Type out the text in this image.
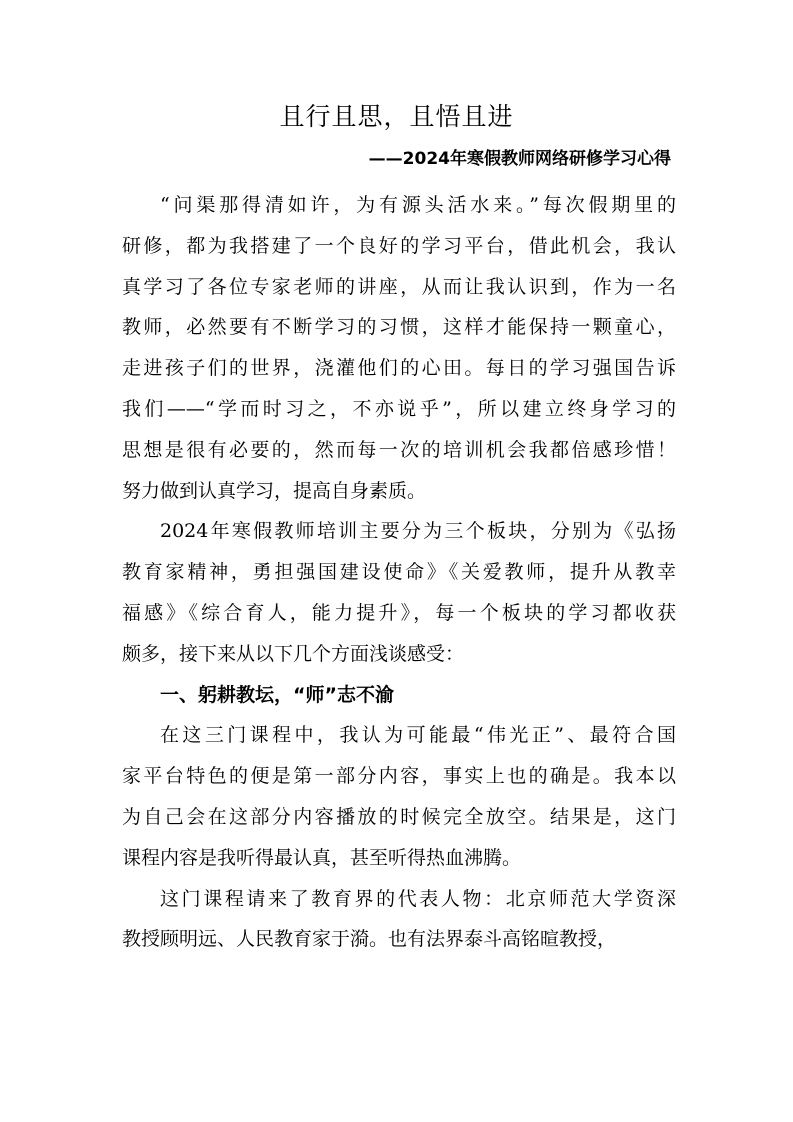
且行且思，且悟且进
——2024年寒假教师网络研修学习心得
“问渠那得清如许，为有源头活水来。”每次假期里的
研修，都为我搭建了一个良好的学习平台，借此机会，我认
真学习了各位专家老师的讲座，从而让我认识到，作为一名
教师，必然要有不断学习的习惯，这样才能保持一颗童心，
走进孩子们的世界，浇灌他们的心田。每日的学习强国告诉
我们——“学而时习之，不亦说乎”，所以建立终身学习的
思想是很有必要的，然而每一次的培训机会我都倍感珍惜！
努力做到认真学习，提高自身素质。
2024年寒假教师培训主要分为三个板块，分别为《弘扬
教育家精神，勇担强国建设使命》《关爱教师，提升从教幸
福感》《综合育人，能力提升》，每一个板块的学习都收获
颇多，接下来从以下几个方面浅谈感受：
一、躬耕教坛，“师”志不渝
在这三门课程中，我认为可能最“伟光正”、最符合国
家平台特色的便是第一部分内容，事实上也的确是。我本以
为自己会在这部分内容播放的时候完全放空。结果是，这门
课程内容是我听得最认真，甚至听得热血沸腾。
这门课程请来了教育界的代表人物：北京师范大学资深
教授顾明远、人民教育家于漪。也有法界泰斗高铭暄教授，
